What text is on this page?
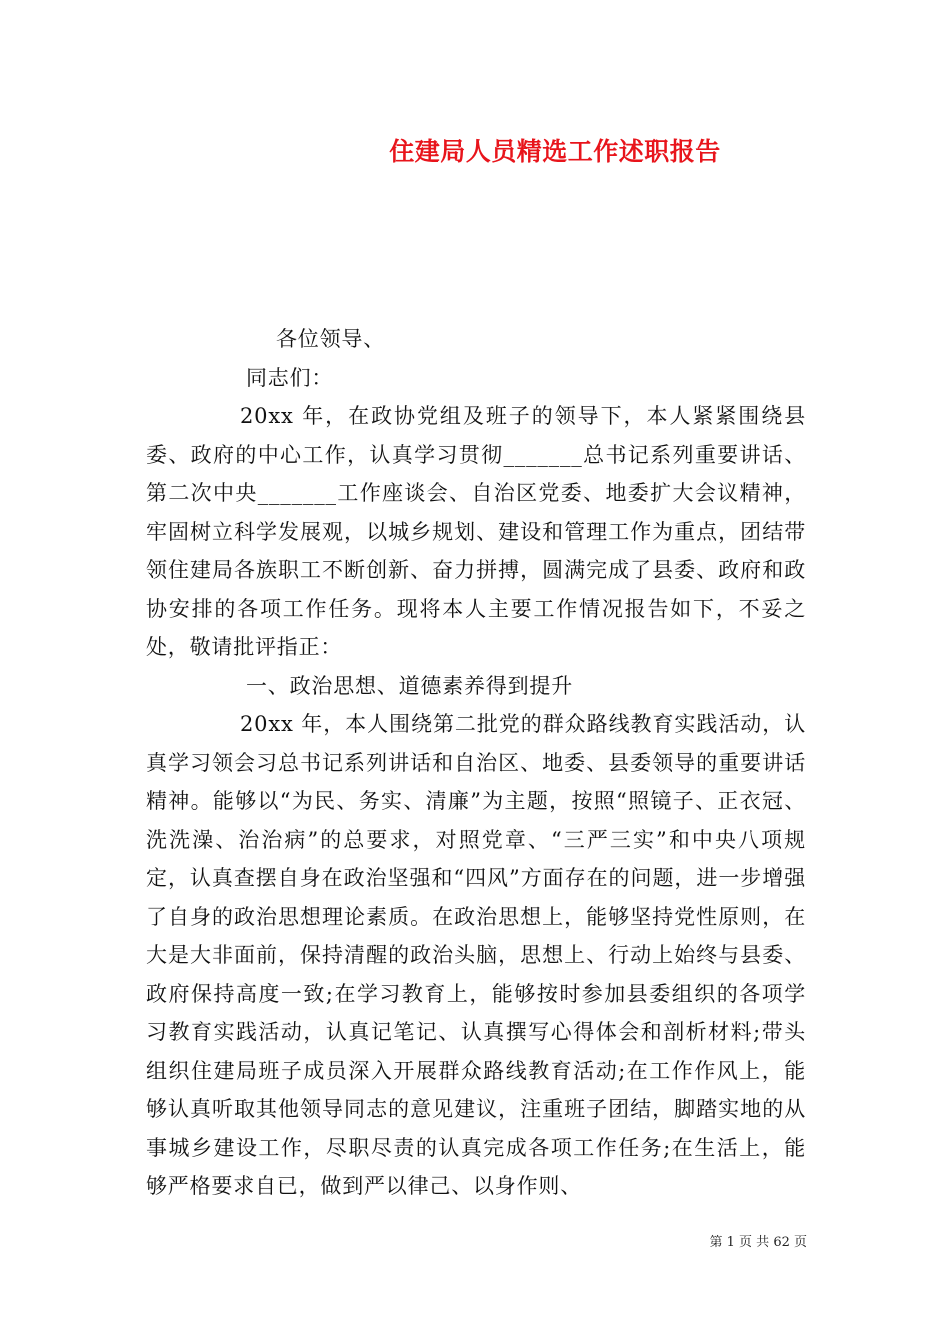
住建局人员精选工作述职报告

各位领导、

同志们：

20xx 年，在政协党组及班子的领导下，本人紧紧围绕县委、政府的中心工作，认真学习贯彻_______总书记系列重要讲话、第二次中央_______工作座谈会、自治区党委、地委扩大会议精神，牢固树立科学发展观，以城乡规划、建设和管理工作为重点，团结带领住建局各族职工不断创新、奋力拼搏，圆满完成了县委、政府和政协安排的各项工作任务。现将本人主要工作情况报告如下，不妥之处，敬请批评指正：

一、政治思想、道德素养得到提升

20xx 年，本人围绕第二批党的群众路线教育实践活动，认真学习领会习总书记系列讲话和自治区、地委、县委领导的重要讲话精神。能够以“为民、务实、清廉”为主题，按照“照镜子、正衣冠、洗洗澡、治治病”的总要求，对照党章、“三严三实”和中央八项规定，认真查摆自身在政治坚强和“四风”方面存在的问题，进一步增强了自身的政治思想理论素质。在政治思想上，能够坚持党性原则，在大是大非面前，保持清醒的政治头脑，思想上、行动上始终与县委、政府保持高度一致;在学习教育上，能够按时参加县委组织的各项学习教育实践活动，认真记笔记、认真撰写心得体会和剖析材料;带头组织住建局班子成员深入开展群众路线教育活动;在工作作风上，能够认真听取其他领导同志的意见建议，注重班子团结，脚踏实地的从事城乡建设工作，尽职尽责的认真完成各项工作任务;在生活上，能够严格要求自已，做到严以律己、以身作则、

第 1 页 共 62 页
